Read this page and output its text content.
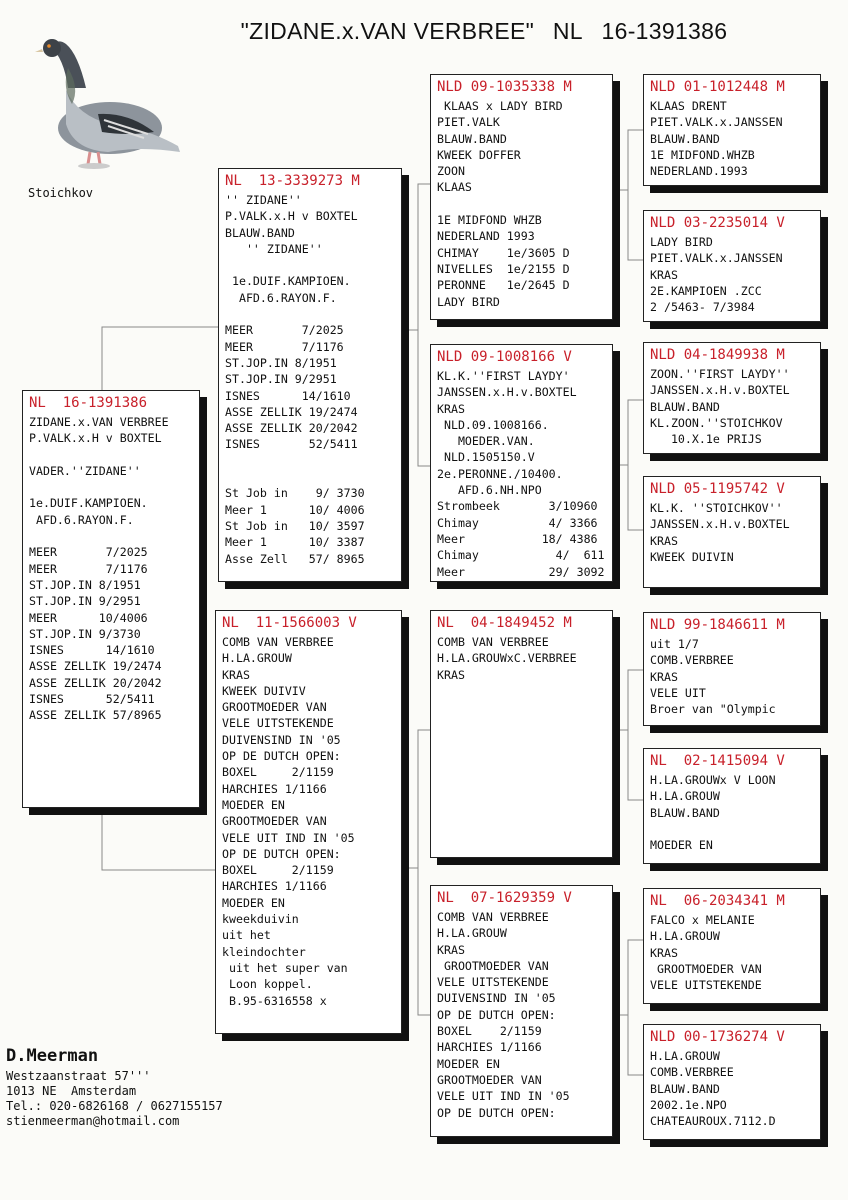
"ZIDANE.x.VAN VERBREE" NL 16-1391386
Stoichkov
NL  16-1391386
ZIDANE.x.VAN VERBREE
P.VALK.x.H v BOXTEL

VADER.''ZIDANE''

1e.DUIF.KAMPIOEN.
AFD.6.RAYON.F.

MEER       7/2025
MEER       7/1176
ST.JOP.IN 8/1951
ST.JOP.IN 9/2951
MEER      10/4006
ST.JOP.IN 9/3730
ISNES      14/1610
ASSE ZELLIK 19/2474
ASSE ZELLIK 20/2042
ISNES      52/5411
ASSE ZELLIK 57/8965
NL  13-3339273 M
'' ZIDANE''
P.VALK.x.H v BOXTEL
BLAUW.BAND
'' ZIDANE''

1e.DUIF.KAMPIOEN.
AFD.6.RAYON.F.

MEER       7/2025
MEER       7/1176
ST.JOP.IN 8/1951
ST.JOP.IN 9/2951
ISNES      14/1610
ASSE ZELLIK 19/2474
ASSE ZELLIK 20/2042
ISNES       52/5411

St Job in    9/ 3730
Meer 1      10/ 4006
St Job in   10/ 3597
Meer 1      10/ 3387
Asse Zell   57/ 8965
NL  11-1566003 V
COMB VAN VERBREE
H.LA.GROUW
KRAS
KWEEK DUIVIV
GROOTMOEDER VAN
VELE UITSTEKENDE
DUIVENSIND IN '05
OP DE DUTCH OPEN:
BOXEL     2/1159
HARCHIES 1/1166
MOEDER EN
GROOTMOEDER VAN
VELE UIT IND IN '05
OP DE DUTCH OPEN:
BOXEL     2/1159
HARCHIES 1/1166
MOEDER EN
kweekduivin
uit het
kleindochter
uit het super van
Loon koppel.
B.95-6316558 x
NLD 09-1035338 M
KLAAS x LADY BIRD
PIET.VALK
BLAUW.BAND
KWEEK DOFFER
ZOON
KLAAS

1E MIDFOND WHZB
NEDERLAND 1993
CHIMAY    1e/3605 D
NIVELLES  1e/2155 D
PERONNE   1e/2645 D
LADY BIRD
NLD 09-1008166 V
KL.K.''FIRST LAYDY'
JANSSEN.x.H.v.BOXTEL
KRAS
NLD.09.1008166.
MOEDER.VAN.
NLD.1505150.V
2e.PERONNE./10400.
AFD.6.NH.NPO
Strombeek       3/10960
Chimay          4/ 3366
Meer           18/ 4386
Chimay           4/  611
Meer            29/ 3092
NL  04-1849452 M
COMB VAN VERBREE
H.LA.GROUWxC.VERBREE
KRAS
NL  07-1629359 V
COMB VAN VERBREE
H.LA.GROUW
KRAS
GROOTMOEDER VAN
VELE UITSTEKENDE
DUIVENSIND IN '05
OP DE DUTCH OPEN:
BOXEL    2/1159
HARCHIES 1/1166
MOEDER EN
GROOTMOEDER VAN
VELE UIT IND IN '05
OP DE DUTCH OPEN:
NLD 01-1012448 M
KLAAS DRENT
PIET.VALK.x.JANSSEN
BLAUW.BAND
1E MIDFOND.WHZB
NEDERLAND.1993
NLD 03-2235014 V
LADY BIRD
PIET.VALK.x.JANSSEN
KRAS
2E.KAMPIOEN .ZCC
2 /5463- 7/3984
NLD 04-1849938 M
ZOON.''FIRST LAYDY''
JANSSEN.x.H.v.BOXTEL
BLAUW.BAND
KL.ZOON.''STOICHKOV
10.X.1e PRIJS
NLD 05-1195742 V
KL.K. ''STOICHKOV''
JANSSEN.x.H.v.BOXTEL
KRAS
KWEEK DUIVIN
NLD 99-1846611 M
uit 1/7
COMB.VERBREE
KRAS
VELE UIT
Broer van "Olympic
NL  02-1415094 V
H.LA.GROUWx V LOON
H.LA.GROUW
BLAUW.BAND

MOEDER EN
NL  06-2034341 M
FALCO x MELANIE
H.LA.GROUW
KRAS
GROOTMOEDER VAN
VELE UITSTEKENDE
NLD 00-1736274 V
H.LA.GROUW
COMB.VERBREE
BLAUW.BAND
2002.1e.NPO
CHATEAUROUX.7112.D
D.Meerman
Westzaanstraat 57'''
1013 NE  Amsterdam
Tel.: 020-6826168 / 0627155157
stienmeerman@hotmail.com
